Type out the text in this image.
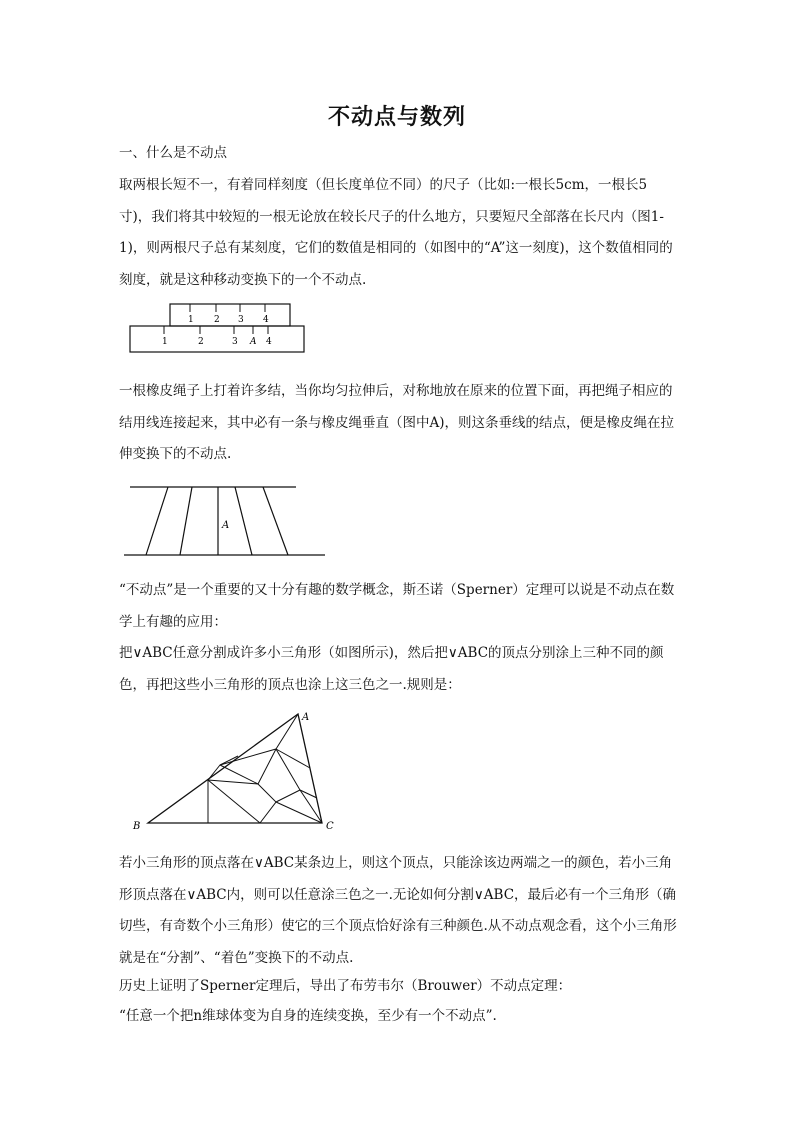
不动点与数列
一、什么是不动点
取两根长短不一，有着同样刻度（但长度单位不同）的尺子（比如:一根长5cm，一根长5寸)，我们将其中较短的一根无论放在较长尺子的什么地方，只要短尺全部落在长尺内（图1-1)，则两根尺子总有某刻度，它们的数值是相同的（如图中的“A”这一刻度)，这个数值相同的刻度，就是这种移动变换下的一个不动点.
1 2 3 4
1	2	3 A 4
一根橡皮绳子上打着许多结，当你均匀拉伸后，对称地放在原来的位置下面，再把绳子相应的结用线连接起来，其中必有一条与橡皮绳垂直（图中A)，则这条垂线的结点，便是橡皮绳在拉伸变换下的不动点.
A
“不动点”是一个重要的又十分有趣的数学概念，斯丕诺（Sperner）定理可以说是不动点在数学上有趣的应用：
把∨ABC任意分割成许多小三角形（如图所示)，然后把∨ABC的顶点分别涂上三种不同的颜色，再把这些小三角形的顶点也涂上这三色之一.规则是：
A
B	C
若小三角形的顶点落在∨ABC某条边上，则这个顶点，只能涂该边两端之一的颜色，若小三角形顶点落在∨ABC内，则可以任意涂三色之一.无论如何分割∨ABC，最后必有一个三角形（确切些，有奇数个小三角形）使它的三个顶点恰好涂有三种颜色.从不动点观念看，这个小三角形就是在“分割”、“着色”变换下的不动点.
历史上证明了Sperner定理后，导出了布劳韦尔（Brouwer）不动点定理：
“任意一个把n维球体变为自身的连续变换，至少有一个不动点”.
